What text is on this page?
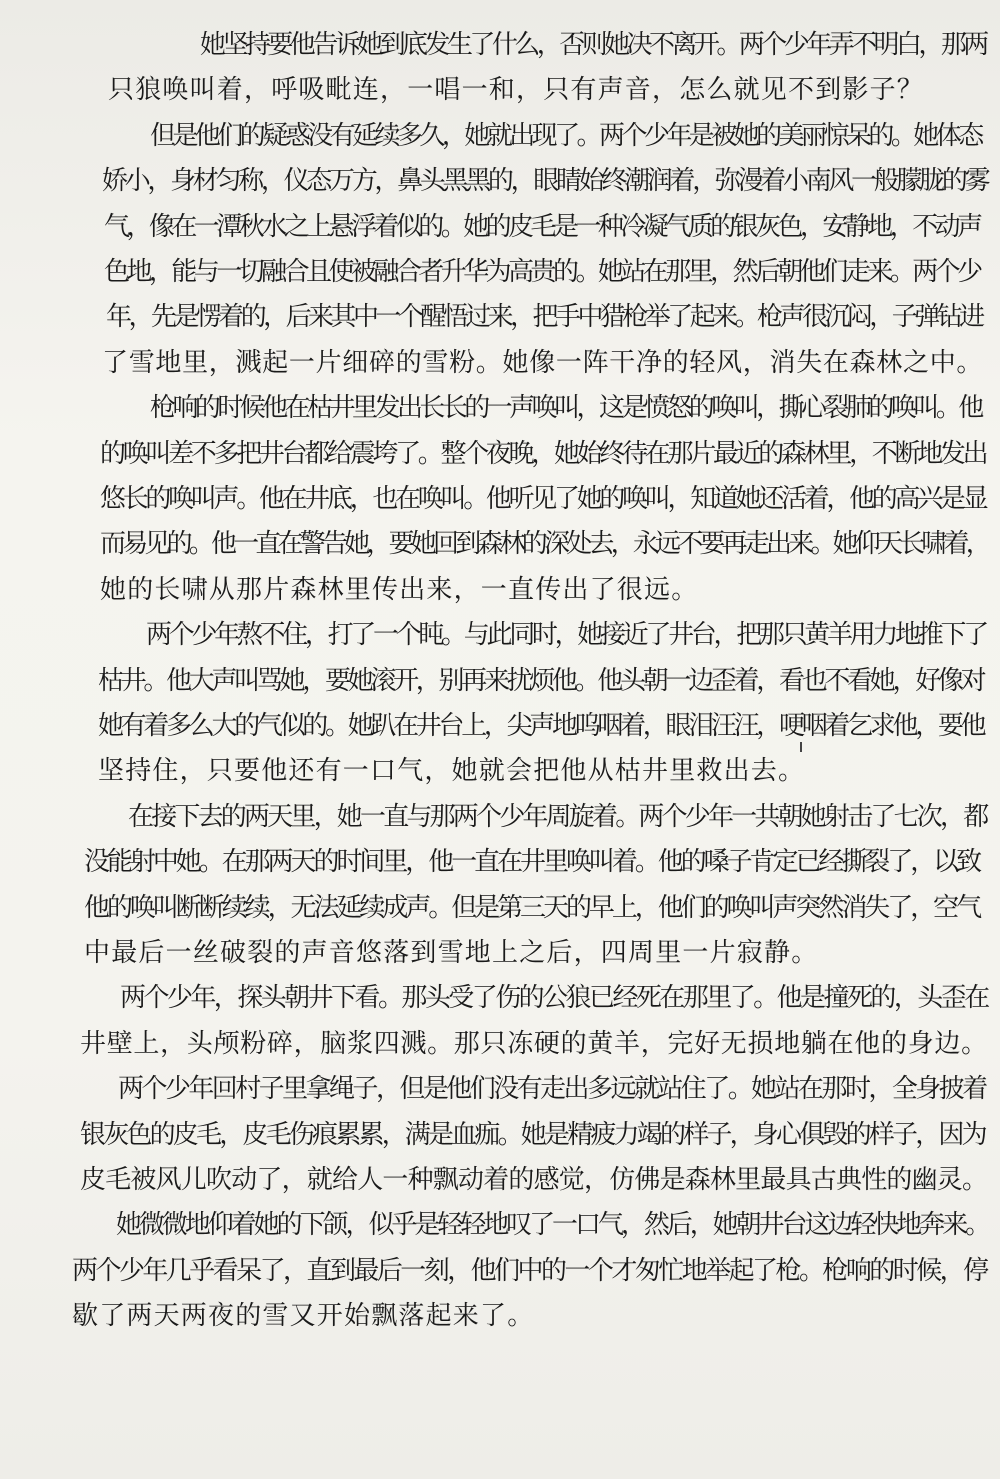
​
她坚持要他告诉她到底发生了什么，否则她决不离开。两个少年弄不明白，那两
只狼唤叫着，呼吸毗连，一唱一和，只有声音，怎么就见不到影子？
但是他们的疑惑没有延续多久，她就出现了。两个少年是被她的美丽惊呆的。她体态
娇小，身材匀称，仪态万方，鼻头黑黑的，眼睛始终潮润着，弥漫着小南风一般朦胧的雾
气，像在一潭秋水之上悬浮着似的。她的皮毛是一种冷凝气质的银灰色，安静地，不动声
色地，能与一切融合且使被融合者升华为高贵的。她站在那里，然后朝他们走来。两个少
年，先是愣着的，后来其中一个醒悟过来，把手中猎枪举了起来。枪声很沉闷，子弹钻进
了雪地里，溅起一片细碎的雪粉。她像一阵干净的轻风，消失在森林之中。
枪响的时候他在枯井里发出长长的一声唤叫，这是愤怒的唤叫，撕心裂肺的唤叫。他
的唤叫差不多把井台都给震垮了。整个夜晚，她始终待在那片最近的森林里，不断地发出
悠长的唤叫声。他在井底，也在唤叫。他听见了她的唤叫，知道她还活着，他的高兴是显
而易见的。他一直在警告她，要她回到森林的深处去，永远不要再走出来。她仰天长啸着，
她的长啸从那片森林里传出来，一直传出了很远。
两个少年熬不住，打了一个盹。与此同时，她接近了井台，把那只黄羊用力地推下了
枯井。他大声叫骂她，要她滚开，别再来扰烦他。他头朝一边歪着，看也不看她，好像对
她有着多么大的气似的。她趴在井台上，尖声地呜咽着，眼泪汪汪，哽咽着乞求他，要他
坚持住，只要他还有一口气，她就会把他从枯井里救出去。
在接下去的两天里，她一直与那两个少年周旋着。两个少年一共朝她射击了七次，都
没能射中她。在那两天的时间里，他一直在井里唤叫着。他的嗓子肯定已经撕裂了，以致
他的唤叫断断续续，无法延续成声。但是第三天的早上，他们的唤叫声突然消失了，空气
中最后一丝破裂的声音悠落到雪地上之后，四周里一片寂静。
两个少年，探头朝井下看。那头受了伤的公狼已经死在那里了。他是撞死的，头歪在
井壁上，头颅粉碎，脑浆四溅。那只冻硬的黄羊，完好无损地躺在他的身边。
两个少年回村子里拿绳子，但是他们没有走出多远就站住了。她站在那时，全身披着
银灰色的皮毛，皮毛伤痕累累，满是血痂。她是精疲力竭的样子，身心俱毁的样子，因为
皮毛被风儿吹动了，就给人一种飘动着的感觉，仿佛是森林里最具古典性的幽灵。
她微微地仰着她的下颌，似乎是轻轻地叹了一口气，然后，她朝井台这边轻快地奔来。
两个少年几乎看呆了，直到最后一刻，他们中的一个才匆忙地举起了枪。枪响的时候，停
歇了两天两夜的雪又开始飘落起来了。
